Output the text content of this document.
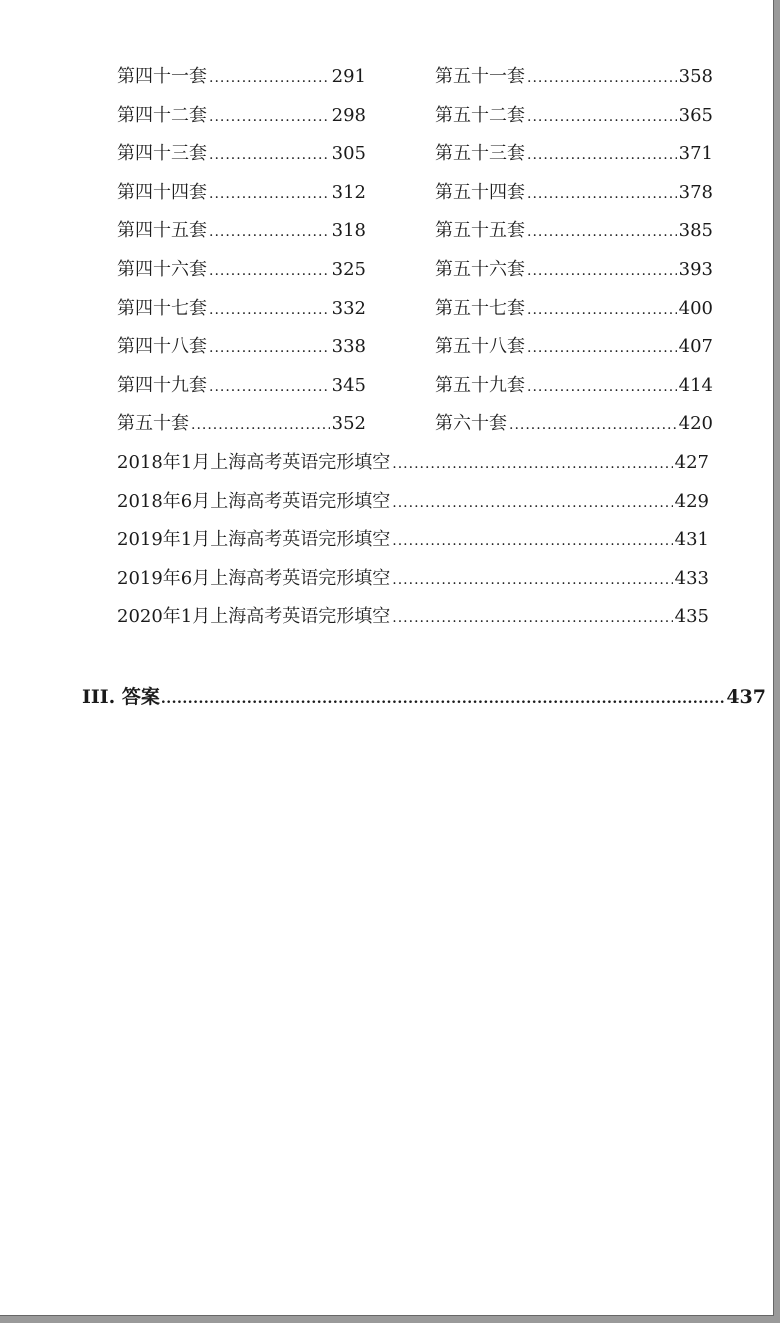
第四十一套 .....	291
第四十二套 .....	298
第四十三套 .....	305
第四十四套 .....	312
第四十五套 .....	318
第四十六套 .....	325
第四十七套 .....	332
第四十八套 .....	338
第四十九套 .....	345
第五十套 .....	352
第五十一套 .....	358
第五十二套 .....	365
第五十三套 .....	371
第五十四套 .....	378
第五十五套 .....	385
第五十六套 .....	393
第五十七套 .....	400
第五十八套 .....	407
第五十九套 .....	414
第六十套 .....	420
2018年1月上海高考英语完形填空 .....	427
2018年6月上海高考英语完形填空 .....	429
2019年1月上海高考英语完形填空 .....	431
2019年6月上海高考英语完形填空 .....	433
2020年1月上海高考英语完形填空 .....	435
III. 答案 .....	437
